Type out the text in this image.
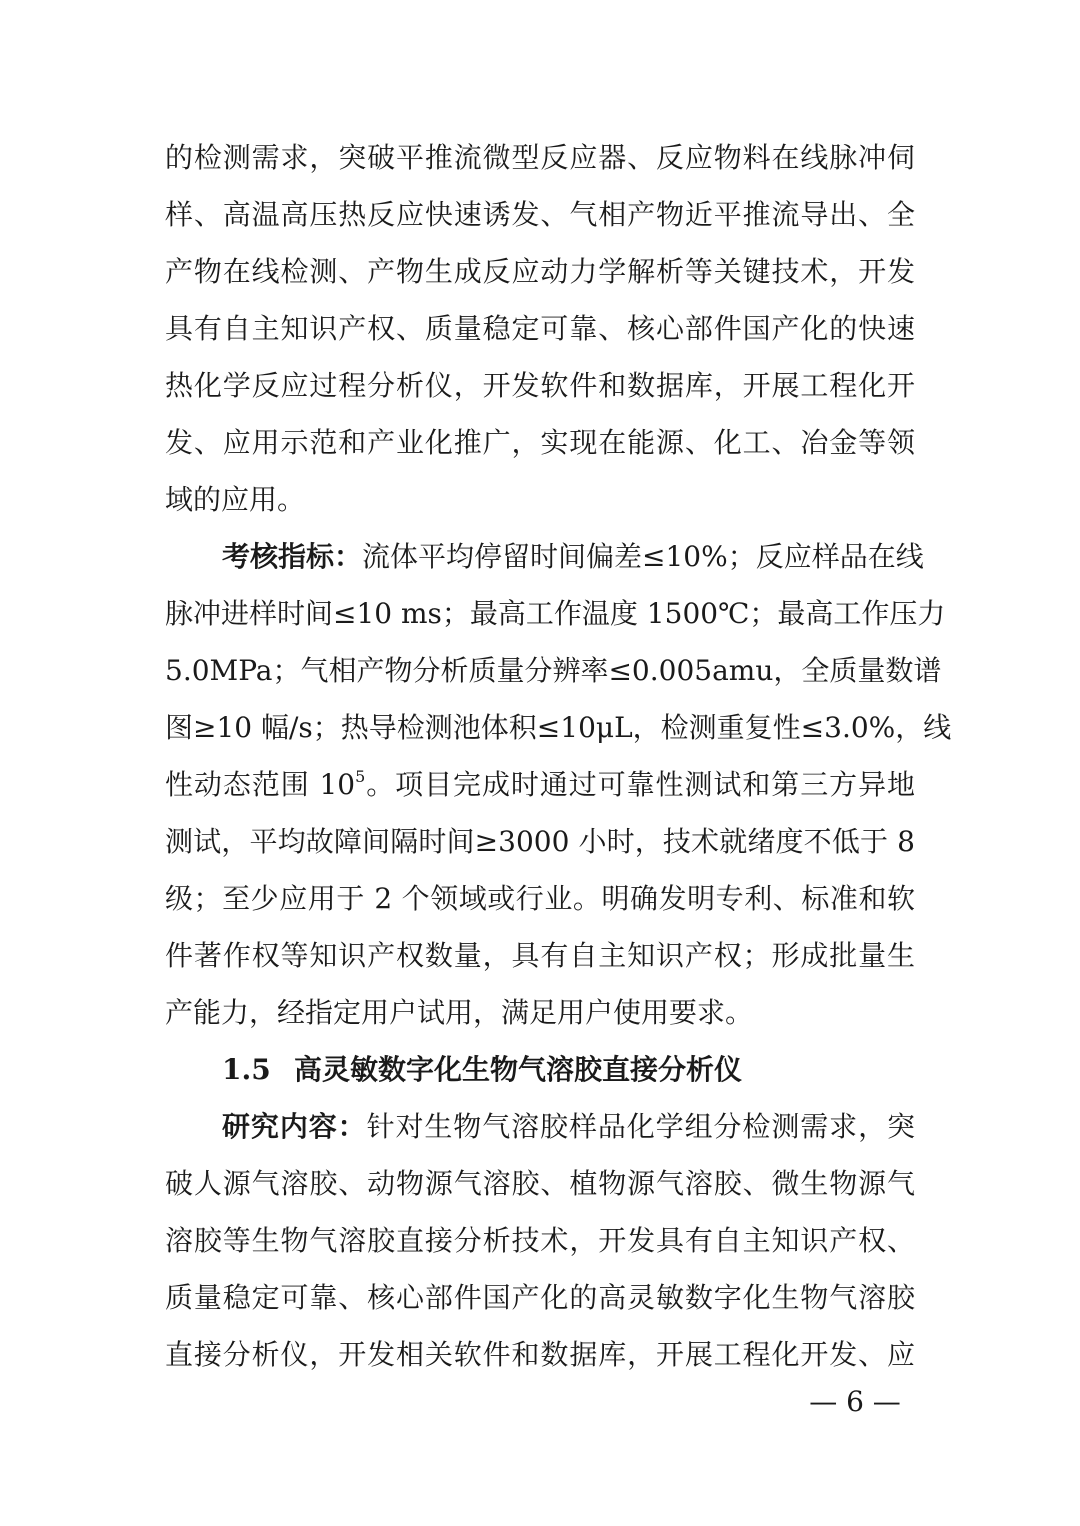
的检测需求，突破平推流微型反应器、反应物料在线脉冲伺
样、高温高压热反应快速诱发、气相产物近平推流导出、全
产物在线检测、产物生成反应动力学解析等关键技术，开发
具有自主知识产权、质量稳定可靠、核心部件国产化的快速
热化学反应过程分析仪，开发软件和数据库，开展工程化开
发、应用示范和产业化推广，实现在能源、化工、冶金等领
域的应用。
考核指标：流体平均停留时间偏差≤10%；反应样品在线
脉冲进样时间≤10 ms；最高工作温度 1500℃；最高工作压力
5.0MPa；气相产物分析质量分辨率≤0.005amu，全质量数谱
图≥10 幅/s；热导检测池体积≤10μL，检测重复性≤3.0%，线
性动态范围 $10^5$。项目完成时通过可靠性测试和第三方异地
测试，平均故障间隔时间≥3000 小时，技术就绪度不低于 8
级；至少应用于 2 个领域或行业。明确发明专利、标准和软
件著作权等知识产权数量，具有自主知识产权；形成批量生
产能力，经指定用户试用，满足用户使用要求。
1.5 高灵敏数字化生物气溶胶直接分析仪
研究内容：针对生物气溶胶样品化学组分检测需求，突
破人源气溶胶、动物源气溶胶、植物源气溶胶、微生物源气
溶胶等生物气溶胶直接分析技术，开发具有自主知识产权、
质量稳定可靠、核心部件国产化的高灵敏数字化生物气溶胶
直接分析仪，开发相关软件和数据库，开展工程化开发、应
— 6 —
